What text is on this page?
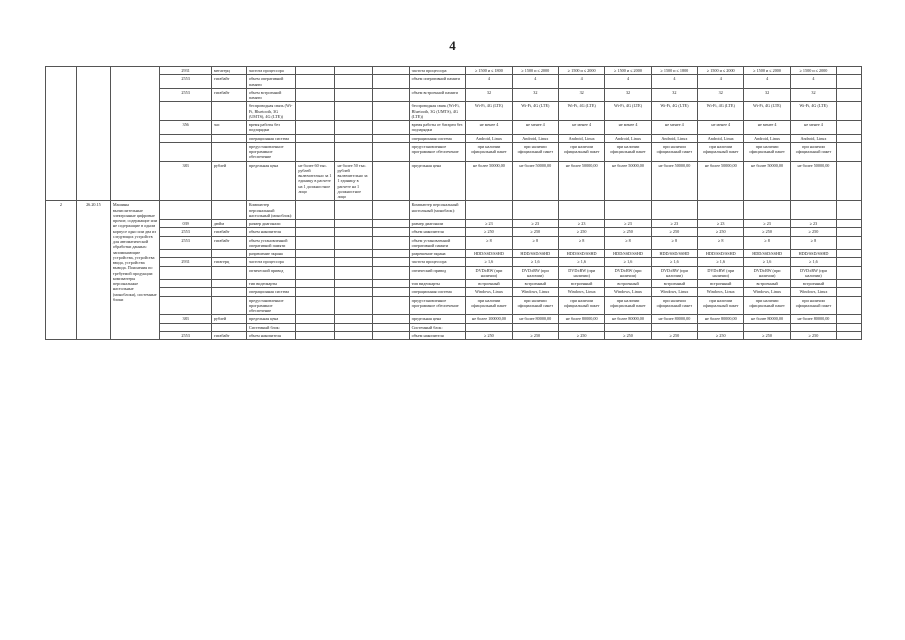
4
			2931	мегагерц	частота процессора				частота процессора	≥ 1500 и ≤ 1800	≥ 1500 и ≤ 2000	≥ 1500 и ≤ 2000	≥ 1500 и ≤ 2000	≥ 1500 и ≤ 1800	≥ 1500 и ≤ 2000	≥ 1500 и ≤ 2000	≥ 1500 и ≤ 2000	
			2553	гигабайт	объем оперативной памяти				объем оперативной памяти	4	4	4	4	4	4	4	4	
			2553	гигабайт	объем встроенной памяти				объем встроенной памяти	32	32	32	32	32	32	32	32	
					беспроводная связь (Wi-Fi, Bluetooth, 3G (UMTS), 4G (LTE))				беспроводная связь (Wi-Fi, Bluetooth, 3G (UMTS), 4G (LTE))	Wi-Fi, 4G (LTE)	Wi-Fi, 4G (LTE)	Wi-Fi, 4G (LTE)	Wi-Fi, 4G (LTE)	Wi-Fi, 4G (LTE)	Wi-Fi, 4G (LTE)	Wi-Fi, 4G (LTE)	Wi-Fi, 4G (LTE)	
			356	час	время работы без подзарядки				время работы от батареи без подзарядки	не менее 4	не менее 4	не менее 4	не менее 4	не менее 4	не менее 4	не менее 4	не менее 4	
					операционная система				операционная система	Android, Linux	Android, Linux	Android, Linux	Android, Linux	Android, Linux	Android, Linux	Android, Linux	Android, Linux	
					предустановленное программное обеспечение				предустановленное программное обеспечение	при наличии официальный пакет	при наличии официальный пакет	при наличии официальный пакет	при наличии официальный пакет	при наличии официальный пакет	при наличии официальный пакет	при наличии официальный пакет	при наличии официальный пакет	
			383	рублей	предельная цена	не более 60 тыс. рублей включительно за 1 единицу в расчете на 1 должностное лицо	не более 50 тыс. рублей включительно за 1 единицу в расчете на 1 должностное лицо		предельная цена	не более 50000,00	не более 50000,00	не более 50000,00	не более 50000,00	не более 50000,00	не более 50000,00	не более 50000,00	не более 50000,00	
2	26.20.15	Машины вычислительные электронные цифровые прочие, содержащие или не содержащие в одном корпусе одно или два из следующих устройств для автоматической обработки данных: запоминающие устройства, устройства ввода, устройства вывода. Пояснения по требуемой продукции: компьютеры персональные настольные (моноблоки), системные блоки			Компьютер персональный настольный (моноблок):				Компьютер персональный настольный (моноблок):									
			039	дюйм	размер диагонали				размер диагонали	≥ 23	≥ 23	≥ 23	≥ 23	≥ 23	≥ 23	≥ 23	≥ 23	
			2553	гигабайт	объем накопителя				объем накопителя	≥ 250	≥ 250	≥ 250	≥ 250	≥ 250	≥ 250	≥ 250	≥ 250	
			2553	гигабайт	объем установленной оперативной памяти				объем установленной оперативной памяти	≥ 8	≥ 8	≥ 8	≥ 8	≥ 8	≥ 8	≥ 8	≥ 8	
					разрешение экрана				разрешение экрана	HDD/SSD/SSHD	HDD/SSD/SSHD	HDD/SSD/SSHD	HDD/SSD/SSHD	HDD/SSD/SSHD	HDD/SSD/SSHD	HDD/SSD/SSHD	HDD/SSD/SSHD	
			2931	гигагерц	частота процессора				частота процессора	≥ 1,6	≥ 1,6	≥ 1,6	≥ 1,6	≥ 1,6	≥ 1,6	≥ 1,6	≥ 1,6	
					оптический привод				оптический привод	DVD±RW (при наличии)	DVD±RW (при наличии)	DVD±RW (при наличии)	DVD±RW (при наличии)	DVD±RW (при наличии)	DVD±RW (при наличии)	DVD±RW (при наличии)	DVD±RW (при наличии)	
					тип видеокарты				тип видеокарты	встроенный	встроенный	встроенный	встроенный	встроенный	встроенный	встроенный	встроенный	
					операционная система				операционная система	Windows, Linux	Windows, Linux	Windows, Linux	Windows, Linux	Windows, Linux	Windows, Linux	Windows, Linux	Windows, Linux	
					предустановленное программное обеспечение				предустановленное программное обеспечение	при наличии официальный пакет	при наличии официальный пакет	при наличии официальный пакет	при наличии официальный пакет	при наличии официальный пакет	при наличии официальный пакет	при наличии официальный пакет	при наличии официальный пакет	
			383	рублей	предельная цена				предельная цена	не более 100000,00	не более 80000,00	не более 80000,00	не более 80000,00	не более 80000,00	не более 80000,00	не более 80000,00	не более 80000,00	
					Системный блок:				Системный блок:									
			2553	гигабайт	объем накопителя				объем накопителя	≥ 250	≥ 250	≥ 250	≥ 250	≥ 250	≥ 250	≥ 250	≥ 250	
